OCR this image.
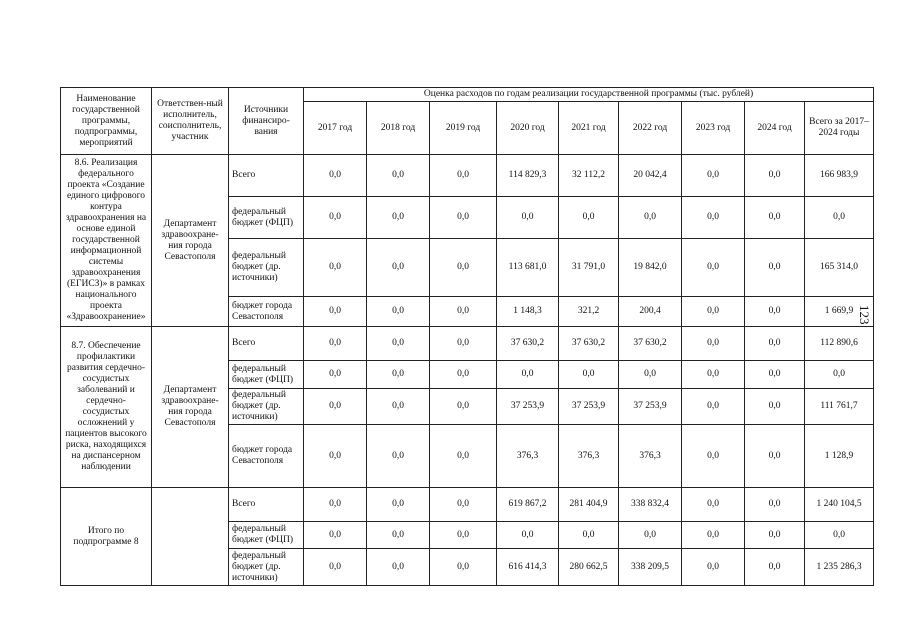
Наименование государственной программы, подпрограммы, мероприятий	Ответствен-ный исполнитель, соисполнитель, участник	Источники финансиро-вания	Оценка расходов по годам реализации государственной программы (тыс. рублей)								
			2017 год	2018 год	2019 год	2020 год	2021 год	2022 год	2023 год	2024 год	Всего за 2017–2024 годы
8.6. Реализация федерального проекта «Создание единого цифрового контура здравоохранения на основе единой государственной информационной системы здравоохранения (ЕГИСЗ)» в рамках национального проекта «Здравоохранение»	Департамент здравоохране-ния города Севастополя	Всего	0,0	0,0	0,0	114 829,3	32 112,2	20 042,4	0,0	0,0	166 983,9
		федеральный бюджет (ФЦП)	0,0	0,0	0,0	0,0	0,0	0,0	0,0	0,0	0,0
		федеральный бюджет (др. источники)	0,0	0,0	0,0	113 681,0	31 791,0	19 842,0	0,0	0,0	165 314,0
		бюджет города Севастополя	0,0	0,0	0,0	1 148,3	321,2	200,4	0,0	0,0	1 669,9
8.7. Обеспечение профилактики развития сердечно-сосудистых заболеваний и сердечно-сосудистых осложнений у пациентов высокого риска, находящихся на диспансерном наблюдении	Департамент здравоохране-ния города Севастополя	Всего	0,0	0,0	0,0	37 630,2	37 630,2	37 630,2	0,0	0,0	112 890,6
		федеральный бюджет (ФЦП)	0,0	0,0	0,0	0,0	0,0	0,0	0,0	0,0	0,0
		федеральный бюджет (др. источники)	0,0	0,0	0,0	37 253,9	37 253,9	37 253,9	0,0	0,0	111 761,7
		бюджет города Севастополя	0,0	0,0	0,0	376,3	376,3	376,3	0,0	0,0	1 128,9
Итого по подпрограмме 8		Всего	0,0	0,0	0,0	619 867,2	281 404,9	338 832,4	0,0	0,0	1 240 104,5
		федеральный бюджет (ФЦП)	0,0	0,0	0,0	0,0	0,0	0,0	0,0	0,0	0,0
		федеральный бюджет (др. источники)	0,0	0,0	0,0	616 414,3	280 662,5	338 209,5	0,0	0,0	1 235 286,3
123
